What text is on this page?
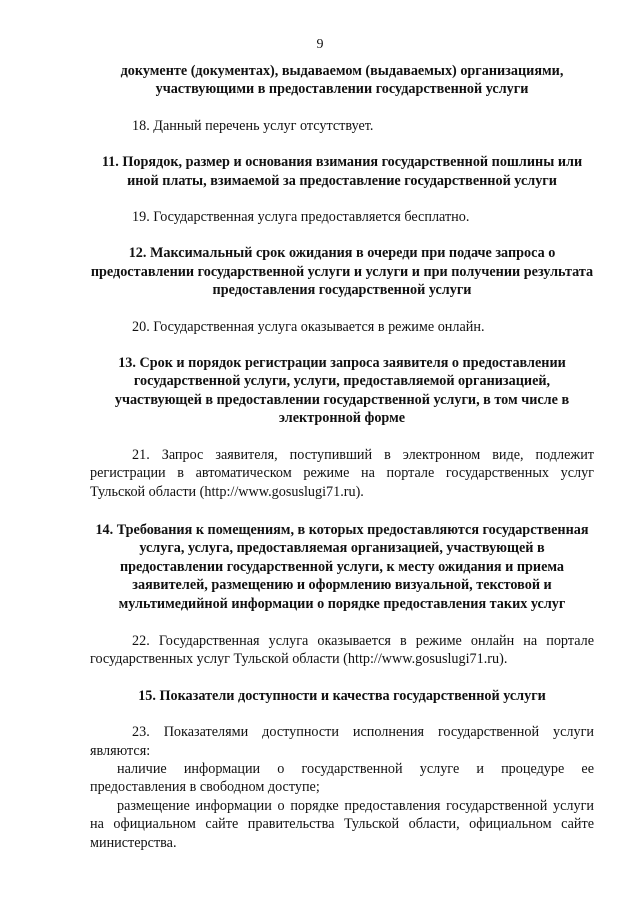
9

документе (документах), выдаваемом (выдаваемых) организациями, участвующими в предоставлении государственной услуги

18. Данный перечень услуг отсутствует.

11. Порядок, размер и основания взимания государственной пошлины или иной платы, взимаемой за предоставление государственной услуги

19. Государственная услуга предоставляется бесплатно.

12. Максимальный срок ожидания в очереди при подаче запроса о предоставлении государственной услуги и услуги и при получении результата предоставления государственной услуги

20. Государственная услуга оказывается в режиме онлайн.

13. Срок и порядок регистрации запроса заявителя о предоставлении государственной услуги, услуги, предоставляемой организацией, участвующей в предоставлении государственной услуги, в том числе в электронной форме

21. Запрос заявителя, поступивший в электронном виде, подлежит регистрации в автоматическом режиме на портале государственных услуг Тульской области (http://www.gosuslugi71.ru).

14. Требования к помещениям, в которых предоставляются государственная услуга, услуга, предоставляемая организацией, участвующей в предоставлении государственной услуги, к месту ожидания и приема заявителей, размещению и оформлению визуальной, текстовой и мультимедийной информации о порядке предоставления таких услуг

22. Государственная услуга оказывается в режиме онлайн на портале государственных услуг Тульской области (http://www.gosuslugi71.ru).

15. Показатели доступности и качества государственной услуги

23. Показателями доступности исполнения государственной услуги являются:

наличие информации о государственной услуге и процедуре ее предоставления в свободном доступе;

размещение информации о порядке предоставления государственной услуги на официальном сайте правительства Тульской области, официальном сайте министерства.
